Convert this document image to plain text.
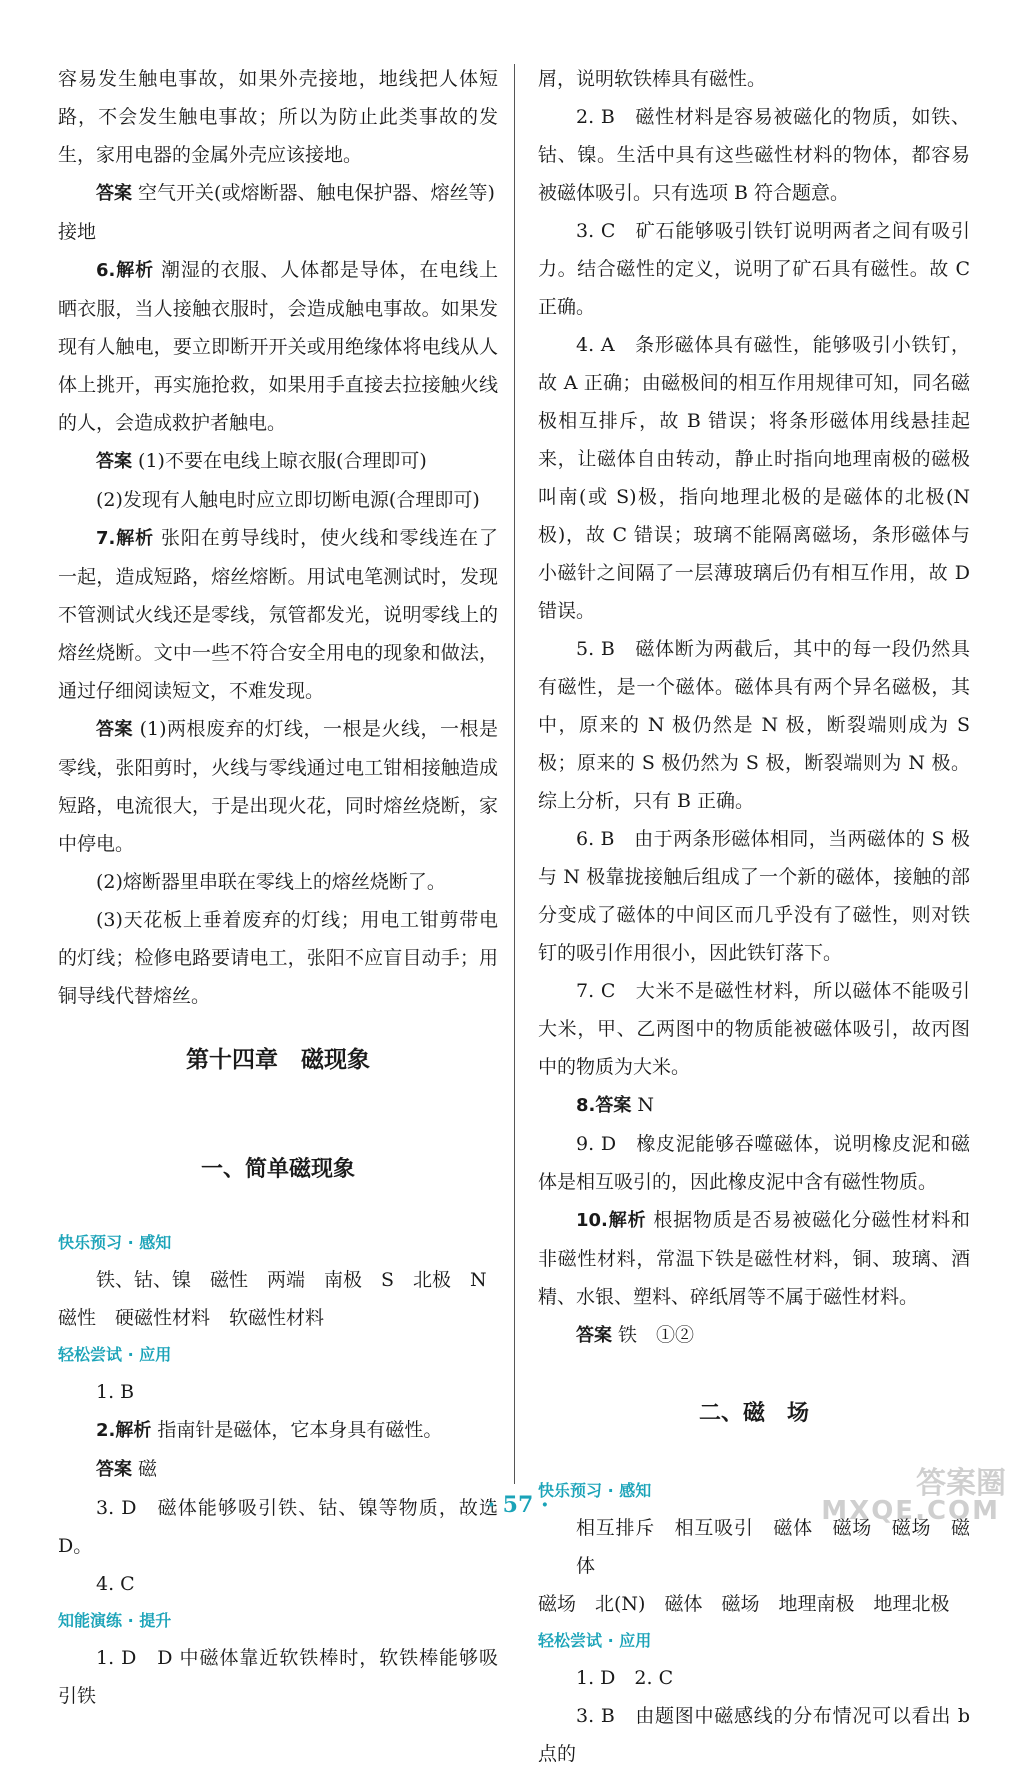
容易发生触电事故，如果外壳接地，地线把人体短路，不会发生触电事故；所以为防止此类事故的发生，家用电器的金属外壳应该接地。

答案 空气开关(或熔断器、触电保护器、熔丝等)

接地

6.解析 潮湿的衣服、人体都是导体，在电线上晒衣服，当人接触衣服时，会造成触电事故。如果发现有人触电，要立即断开开关或用绝缘体将电线从人体上挑开，再实施抢救，如果用手直接去拉接触火线的人，会造成救护者触电。

答案 (1)不要在电线上晾衣服(合理即可)

(2)发现有人触电时应立即切断电源(合理即可)

7.解析 张阳在剪导线时，使火线和零线连在了一起，造成短路，熔丝熔断。用试电笔测试时，发现不管测试火线还是零线，氖管都发光，说明零线上的熔丝烧断。文中一些不符合安全用电的现象和做法，通过仔细阅读短文，不难发现。

答案 (1)两根废弃的灯线，一根是火线，一根是零线，张阳剪时，火线与零线通过电工钳相接触造成短路，电流很大，于是出现火花，同时熔丝烧断，家中停电。

(2)熔断器里串联在零线上的熔丝烧断了。

(3)天花板上垂着废弃的灯线；用电工钳剪带电的灯线；检修电路要请电工，张阳不应盲目动手；用铜导线代替熔丝。

第十四章　磁现象
一、简单磁现象
快乐预习 · 感知

铁、钴、镍　磁性　两端　南极　S　北极　N

磁性　硬磁性材料　软磁性材料

轻松尝试 · 应用

1. B

2.解析 指南针是磁体，它本身具有磁性。

答案 磁

3. D　磁体能够吸引铁、钴、镍等物质，故选 D。

4. C

知能演练 · 提升

1. D　D 中磁体靠近软铁棒时，软铁棒能够吸引铁

屑，说明软铁棒具有磁性。

2. B　磁性材料是容易被磁化的物质，如铁、钴、镍。生活中具有这些磁性材料的物体，都容易被磁体吸引。只有选项 B 符合题意。

3. C　矿石能够吸引铁钉说明两者之间有吸引力。结合磁性的定义，说明了矿石具有磁性。故 C 正确。

4. A　条形磁体具有磁性，能够吸引小铁钉，故 A 正确；由磁极间的相互作用规律可知，同名磁极相互排斥，故 B 错误；将条形磁体用线悬挂起来，让磁体自由转动，静止时指向地理南极的磁极叫南(或 S)极，指向地理北极的是磁体的北极(N 极)，故 C 错误；玻璃不能隔离磁场，条形磁体与小磁针之间隔了一层薄玻璃后仍有相互作用，故 D 错误。

5. B　磁体断为两截后，其中的每一段仍然具有磁性，是一个磁体。磁体具有两个异名磁极，其中，原来的 N 极仍然是 N 极，断裂端则成为 S 极；原来的 S 极仍然为 S 极，断裂端则为 N 极。综上分析，只有 B 正确。

6. B　由于两条形磁体相同，当两磁体的 S 极与 N 极靠拢接触后组成了一个新的磁体，接触的部分变成了磁体的中间区而几乎没有了磁性，则对铁钉的吸引作用很小，因此铁钉落下。

7. C　大米不是磁性材料，所以磁体不能吸引大米，甲、乙两图中的物质能被磁体吸引，故丙图中的物质为大米。

8.答案 N

9. D　橡皮泥能够吞噬磁体，说明橡皮泥和磁体是相互吸引的，因此橡皮泥中含有磁性物质。

10.解析 根据物质是否易被磁化分磁性材料和非磁性材料，常温下铁是磁性材料，铜、玻璃、酒精、水银、塑料、碎纸屑等不属于磁性材料。

答案 铁　①②

二、磁　场
快乐预习 · 感知

相互排斥　相互吸引　磁体　磁场　磁场　磁体

磁场　北(N)　磁体　磁场　地理南极　地理北极

轻松尝试 · 应用

1. D　2. C

3. B　由题图中磁感线的分布情况可以看出 b 点的

· 57 ·
答案圈
MXQE.COM
